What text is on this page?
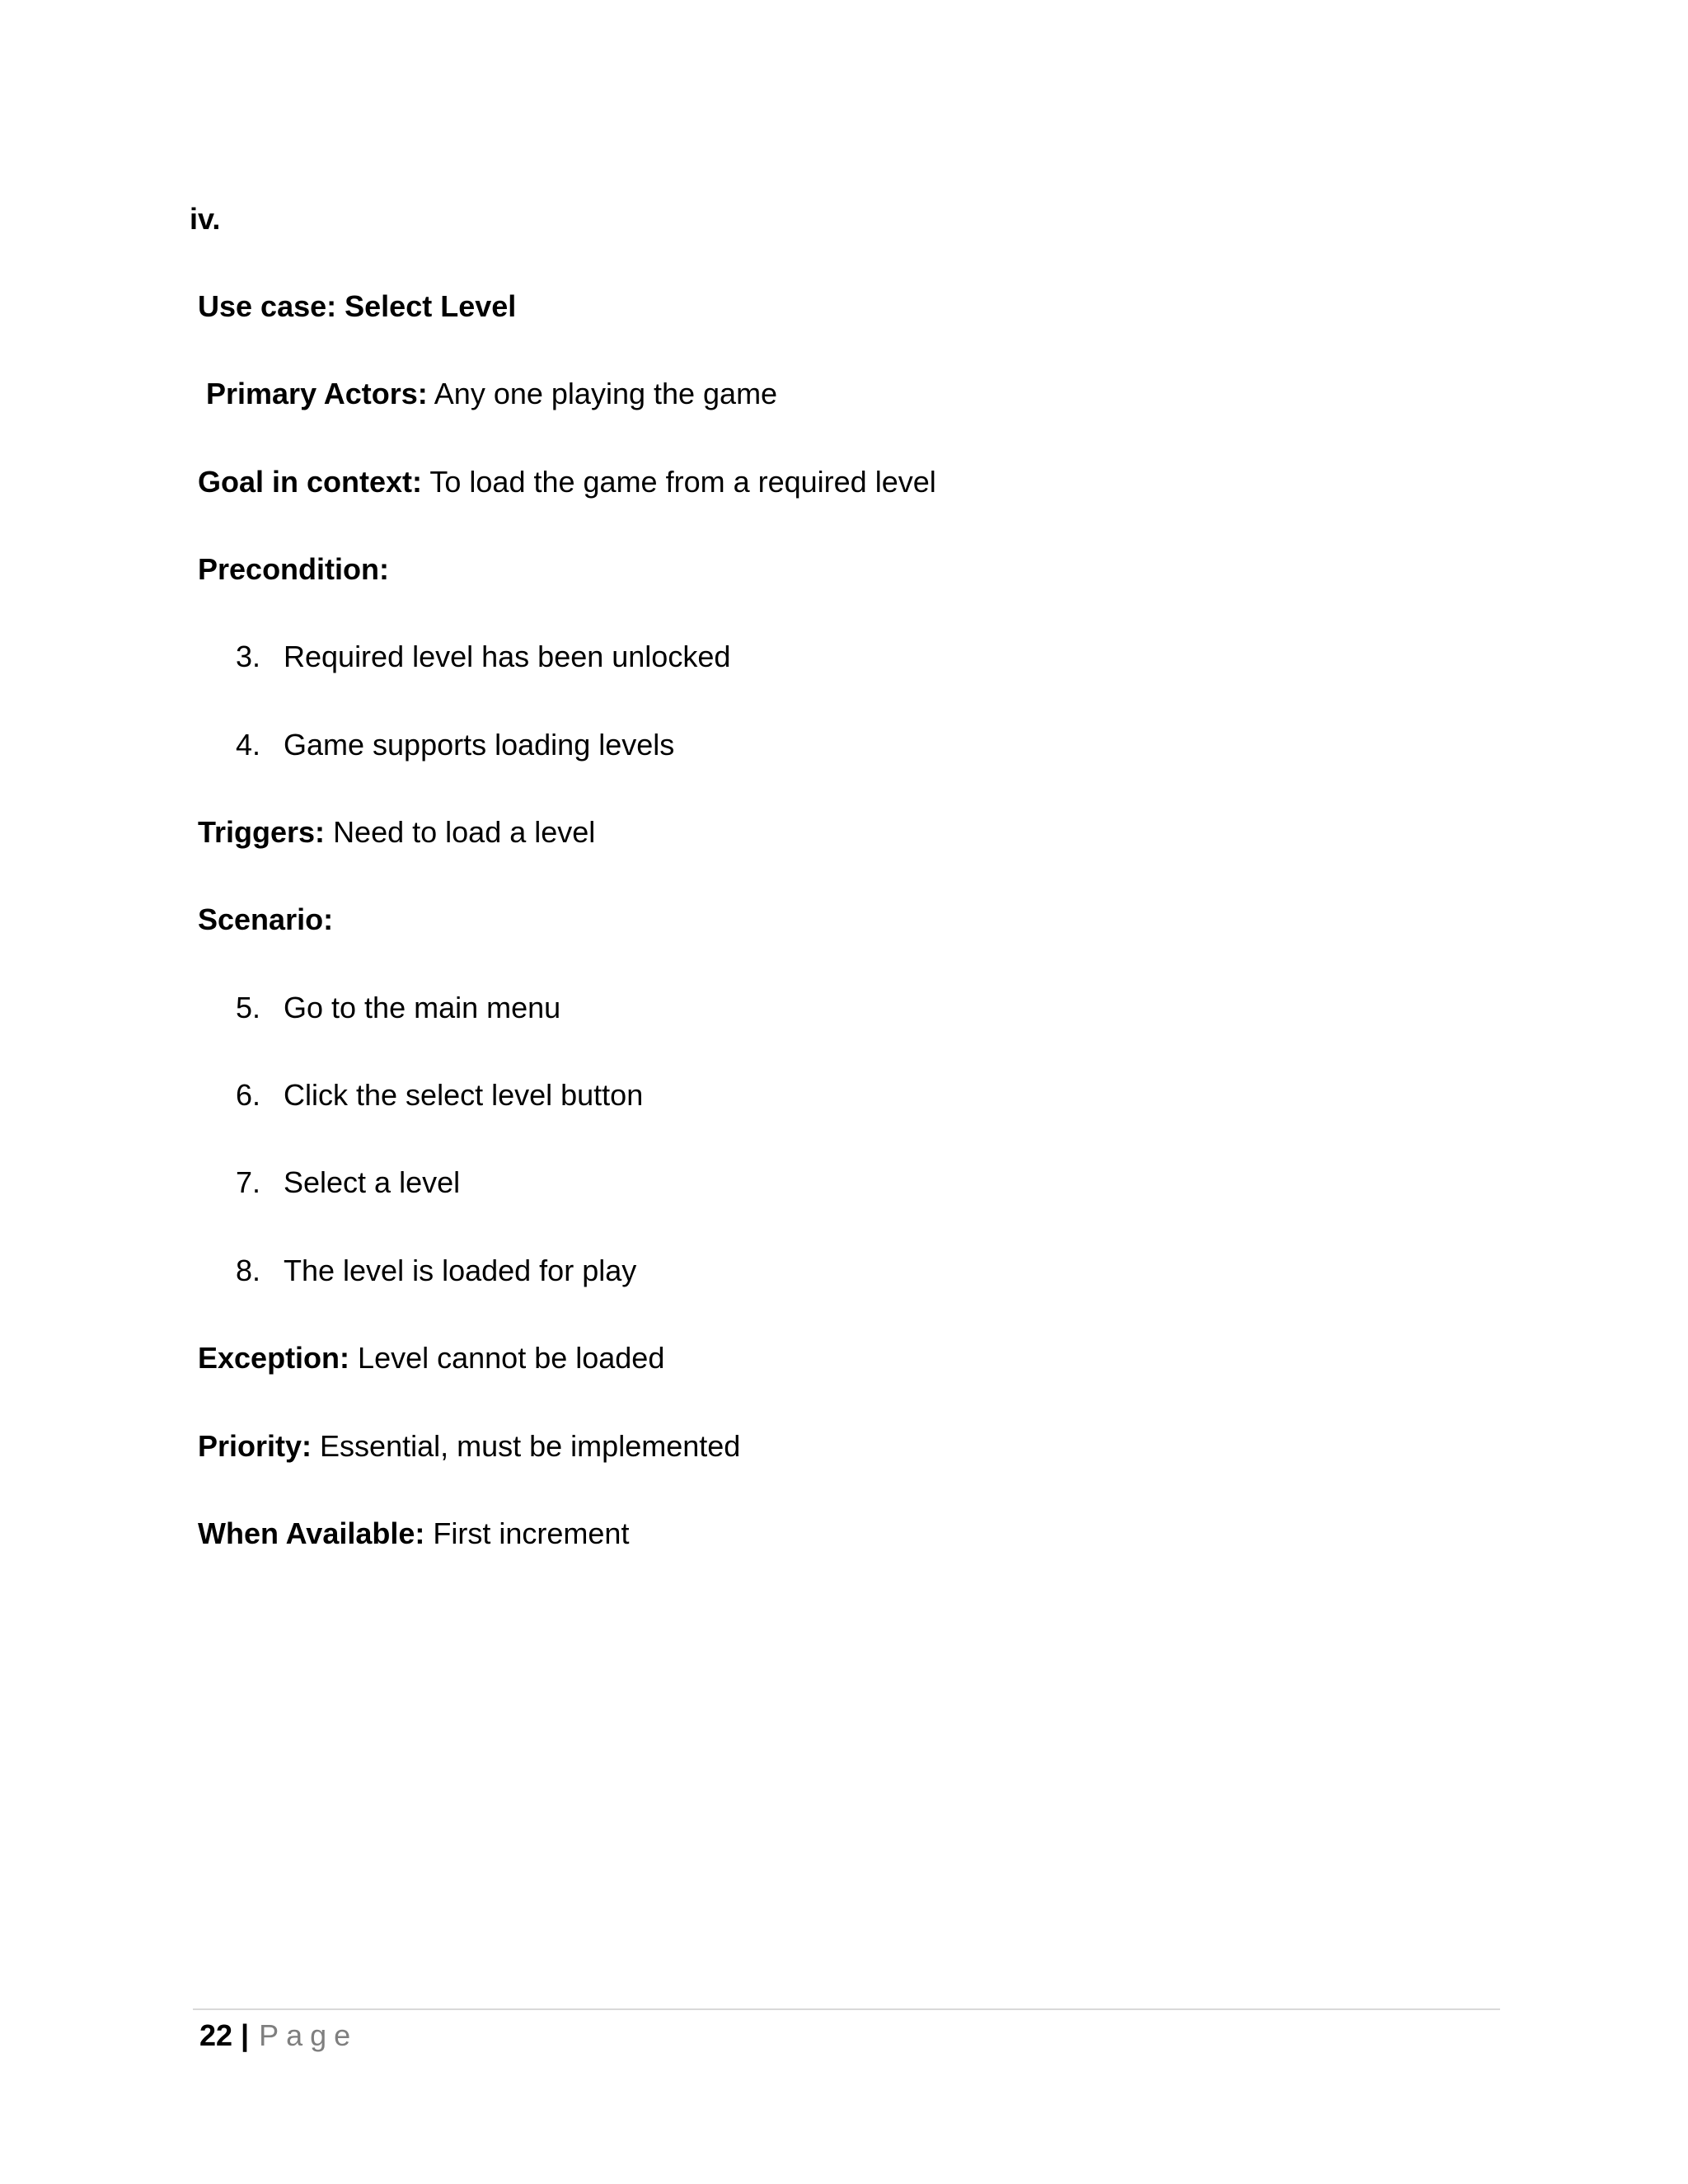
iv.
Use case: Select Level
Primary Actors: Any one playing the game
Goal in context: To load the game from a required level
Precondition:
3. Required level has been unlocked
4. Game supports loading levels
Triggers: Need to load a level
Scenario:
5. Go to the main menu
6. Click the select level button
7. Select a level
8. The level is loaded for play
Exception: Level cannot be loaded
Priority: Essential, must be implemented
When Available: First increment
22 | Page
